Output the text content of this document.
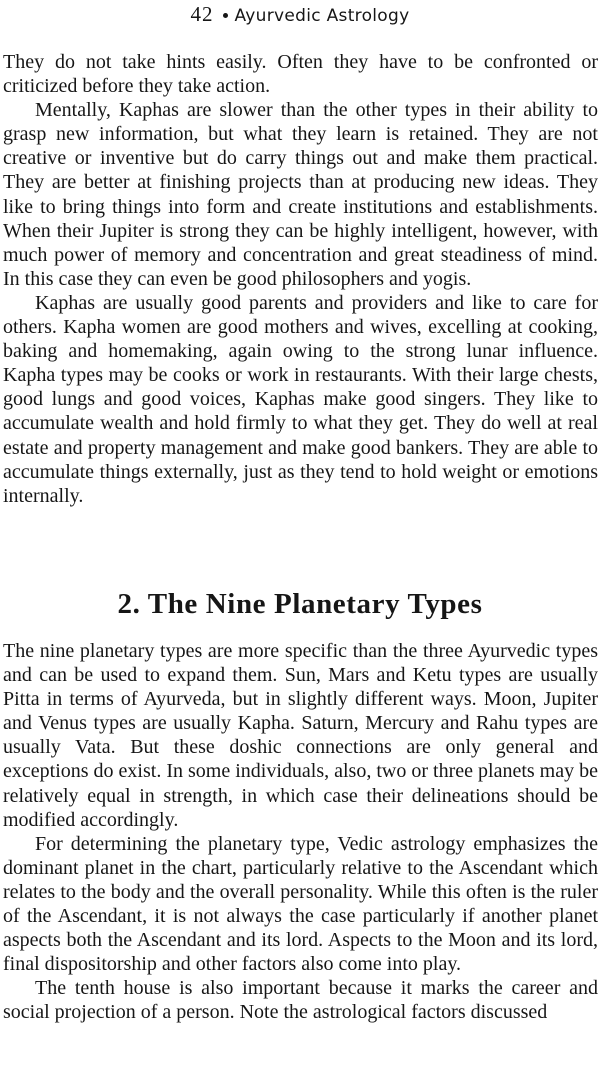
42 Ayurvedic Astrology

They do not take hints easily. Often they have to be confronted or criticized before they take action.

Mentally, Kaphas are slower than the other types in their ability to grasp new information, but what they learn is retained. They are not creative or inventive but do carry things out and make them practical. They are better at finishing projects than at producing new ideas. They like to bring things into form and create institutions and establishments. When their Jupiter is strong they can be highly intelligent, however, with much power of memory and concentration and great steadiness of mind. In this case they can even be good philosophers and yogis.

Kaphas are usually good parents and providers and like to care for others. Kapha women are good mothers and wives, excelling at cooking, baking and homemaking, again owing to the strong lunar influence. Kapha types may be cooks or work in restaurants. With their large chests, good lungs and good voices, Kaphas make good singers. They like to accumulate wealth and hold firmly to what they get. They do well at real estate and property management and make good bankers. They are able to accumulate things externally, just as they tend to hold weight or emotions internally.

2. The Nine Planetary Types

The nine planetary types are more specific than the three Ayurvedic types and can be used to expand them. Sun, Mars and Ketu types are usually Pitta in terms of Ayurveda, but in slightly different ways. Moon, Jupiter and Venus types are usually Kapha. Saturn, Mercury and Rahu types are usually Vata. But these doshic connections are only general and exceptions do exist. In some individuals, also, two or three planets may be relatively equal in strength, in which case their delineations should be modified accordingly.

For determining the planetary type, Vedic astrology emphasizes the dominant planet in the chart, particularly relative to the Ascendant which relates to the body and the overall personality. While this often is the ruler of the Ascendant, it is not always the case particularly if another planet aspects both the Ascendant and its lord. Aspects to the Moon and its lord, final dispositorship and other factors also come into play.

The tenth house is also important because it marks the career and social projection of a person. Note the astrological factors discussed
